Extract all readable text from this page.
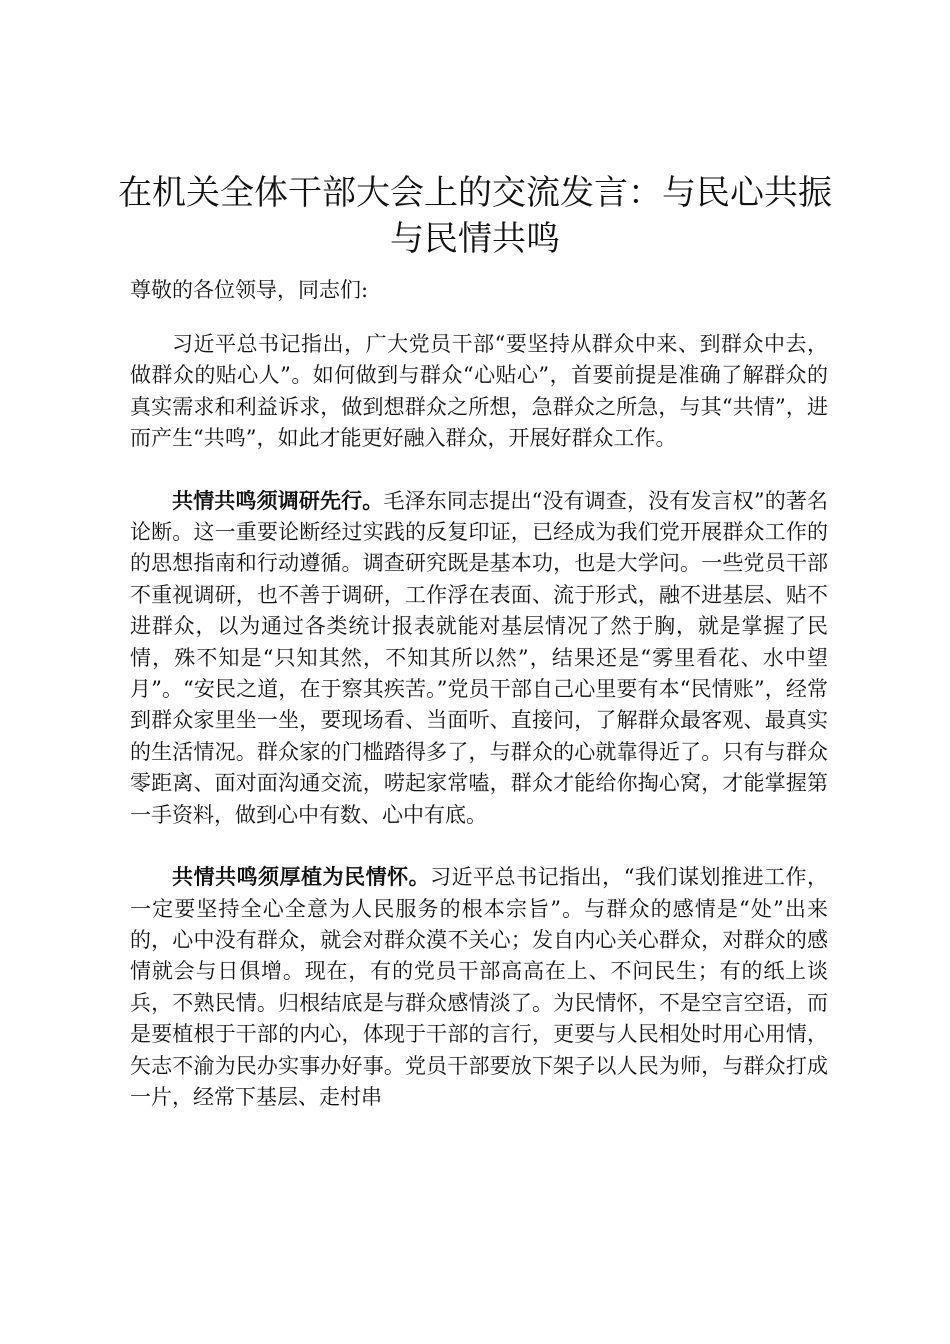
在机关全体干部大会上的交流发言：与民心共振 与民情共鸣

尊敬的各位领导，同志们:

习近平总书记指出，广大党员干部“要坚持从群众中来、到群众中去，做群众的贴心人”。如何做到与群众“心贴心”，首要前提是准确了解群众的真实需求和利益诉求，做到想群众之所想，急群众之所急，与其“共情”，进而产生“共鸣”，如此才能更好融入群众，开展好群众工作。

共情共鸣须调研先行。毛泽东同志提出“没有调查，没有发言权”的著名论断。这一重要论断经过实践的反复印证，已经成为我们党开展群众工作的的思想指南和行动遵循。调查研究既是基本功，也是大学问。一些党员干部不重视调研，也不善于调研，工作浮在表面、流于形式，融不进基层、贴不进群众，以为通过各类统计报表就能对基层情况了然于胸，就是掌握了民情，殊不知是“只知其然，不知其所以然”，结果还是“雾里看花、水中望月”。“安民之道，在于察其疾苦。”党员干部自己心里要有本“民情账”，经常到群众家里坐一坐，要现场看、当面听、直接问，了解群众最客观、最真实的生活情况。群众家的门槛踏得多了，与群众的心就靠得近了。只有与群众零距离、面对面沟通交流，唠起家常嗑，群众才能给你掏心窝，才能掌握第一手资料，做到心中有数、心中有底。

共情共鸣须厚植为民情怀。习近平总书记指出，“我们谋划推进工作，一定要坚持全心全意为人民服务的根本宗旨”。与群众的感情是“处”出来的，心中没有群众，就会对群众漠不关心；发自内心关心群众，对群众的感情就会与日俱增。现在，有的党员干部高高在上、不问民生；有的纸上谈兵，不熟民情。归根结底是与群众感情淡了。为民情怀，不是空言空语，而是要植根于干部的内心，体现于干部的言行，更要与人民相处时用心用情，矢志不渝为民办实事办好事。党员干部要放下架子以人民为师，与群众打成一片，经常下基层、走村串
